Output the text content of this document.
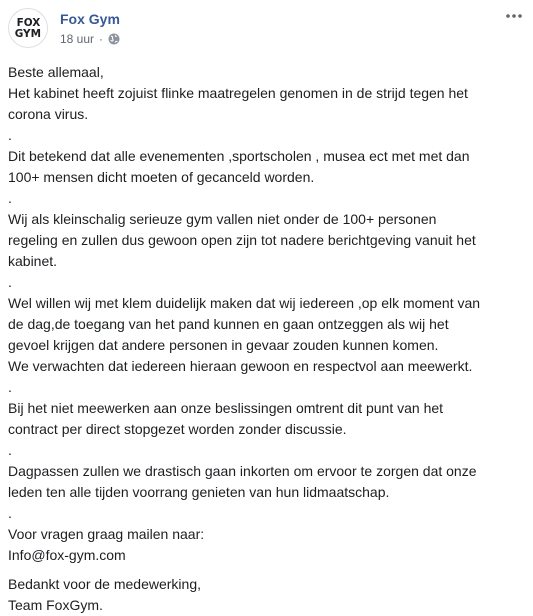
FOX
GYM
Fox Gym
18 uur ·

Beste allemaal,

Het kabinet heeft zojuist flinke maatregelen genomen in de strijd tegen het

corona virus.

.

Dit betekend dat alle evenementen ,sportscholen , musea ect met met dan

100+ mensen dicht moeten of gecanceld worden.

.

Wij als kleinschalig serieuze gym vallen niet onder de 100+ personen

regeling en zullen dus gewoon open zijn tot nadere berichtgeving vanuit het

kabinet.

.

Wel willen wij met klem duidelijk maken dat wij iedereen ,op elk moment van

de dag,de toegang van het pand kunnen en gaan ontzeggen als wij het

gevoel krijgen dat andere personen in gevaar zouden kunnen komen.

We verwachten dat iedereen hieraan gewoon en respectvol aan meewerkt.

.

Bij het niet meewerken aan onze beslissingen omtrent dit punt van het

contract per direct stopgezet worden zonder discussie.

.

Dagpassen zullen we drastisch gaan inkorten om ervoor te zorgen dat onze

leden ten alle tijden voorrang genieten van hun lidmaatschap.

.

Voor vragen graag mailen naar:

Info@fox-gym.com

Bedankt voor de medewerking,

Team FoxGym.
